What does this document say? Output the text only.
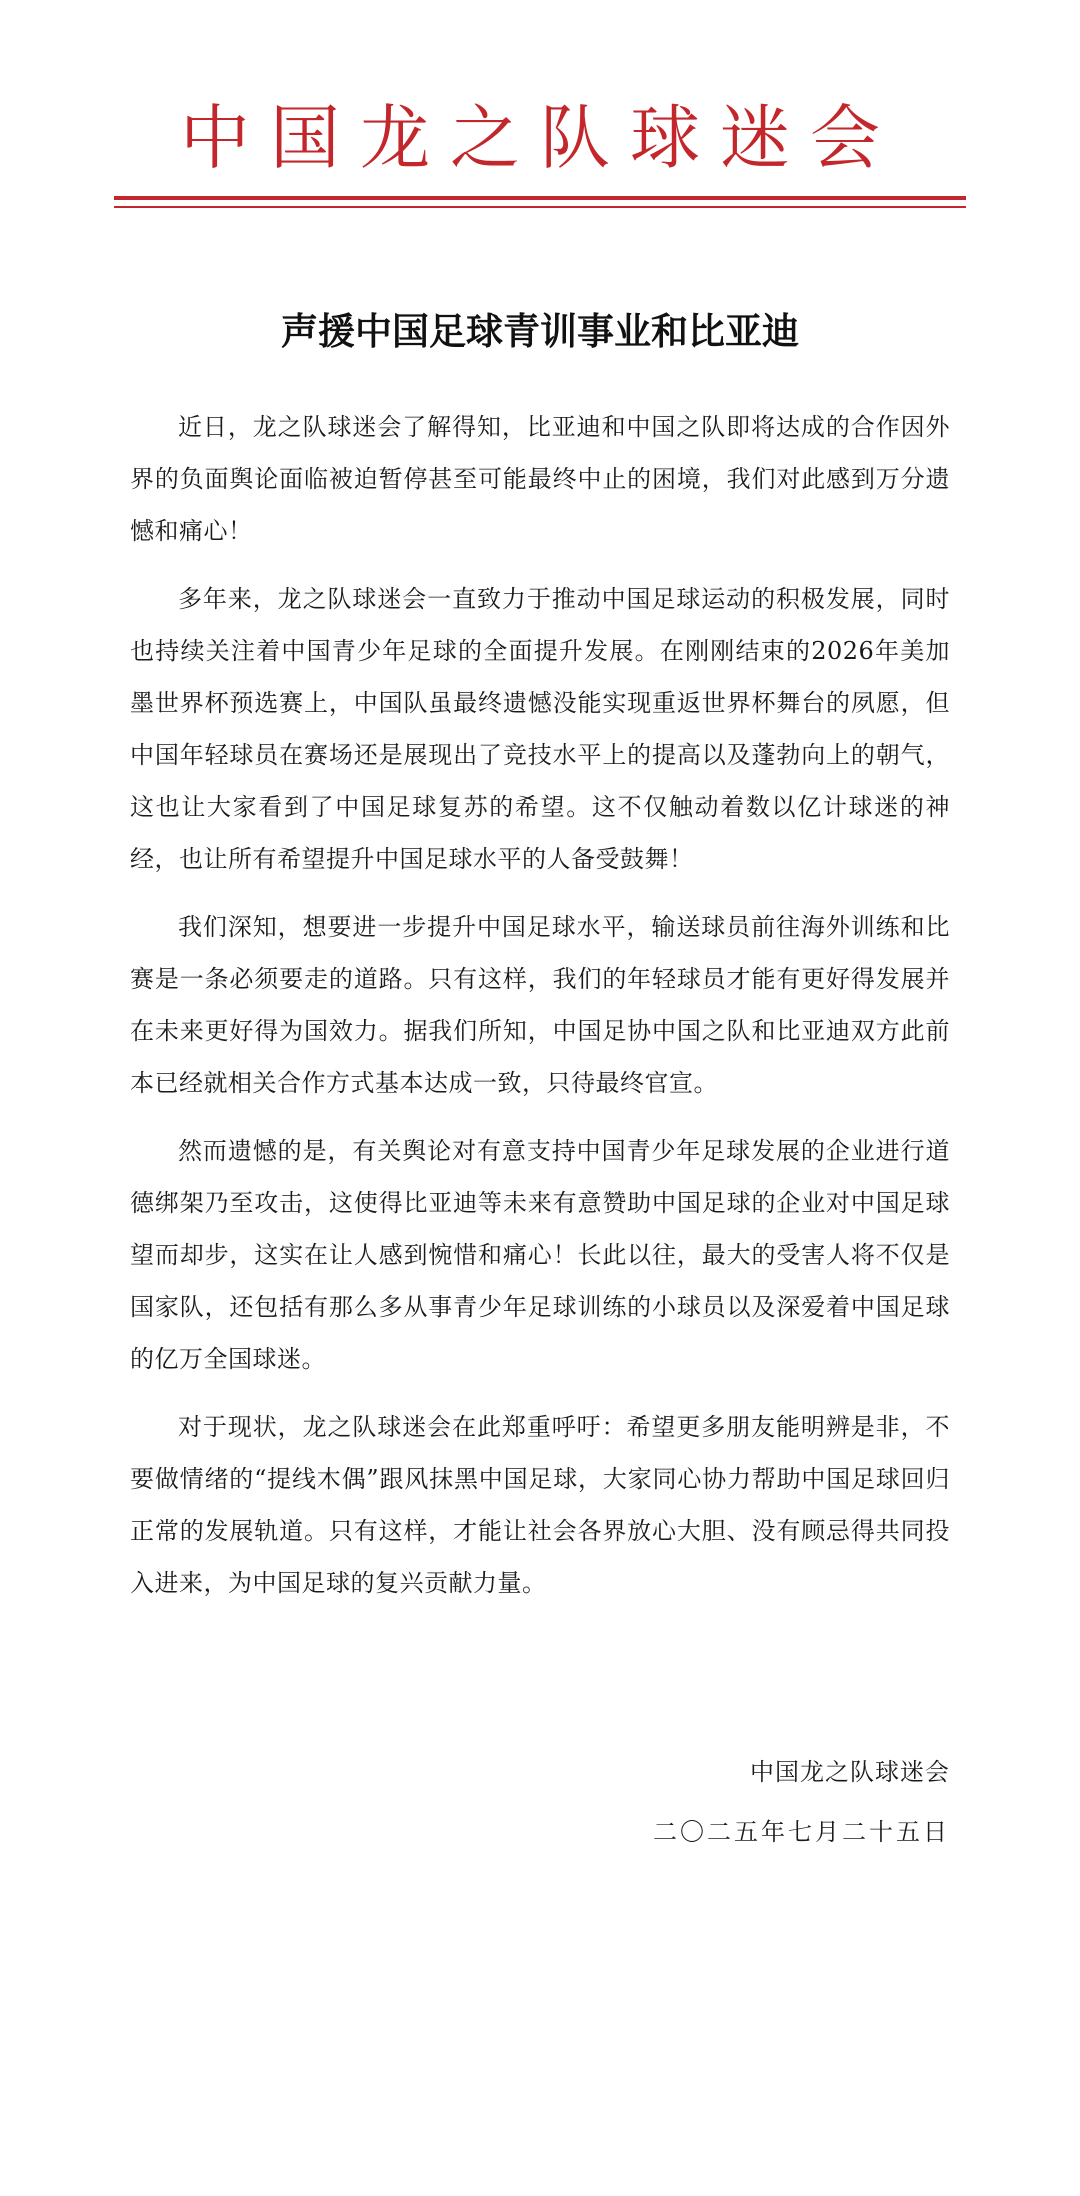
中国龙之队球迷会
声援中国足球青训事业和比亚迪

近日，龙之队球迷会了解得知，比亚迪和中国之队即将达成的合作因外界的负面舆论面临被迫暂停甚至可能最终中止的困境，我们对此感到万分遗憾和痛心！

多年来，龙之队球迷会一直致力于推动中国足球运动的积极发展，同时也持续关注着中国青少年足球的全面提升发展。在刚刚结束的2026年美加墨世界杯预选赛上，中国队虽最终遗憾没能实现重返世界杯舞台的夙愿，但中国年轻球员在赛场还是展现出了竞技水平上的提高以及蓬勃向上的朝气，这也让大家看到了中国足球复苏的希望。这不仅触动着数以亿计球迷的神经，也让所有希望提升中国足球水平的人备受鼓舞！

我们深知，想要进一步提升中国足球水平，输送球员前往海外训练和比赛是一条必须要走的道路。只有这样，我们的年轻球员才能有更好得发展并在未来更好得为国效力。据我们所知，中国足协中国之队和比亚迪双方此前本已经就相关合作方式基本达成一致，只待最终官宣。

然而遗憾的是，有关舆论对有意支持中国青少年足球发展的企业进行道德绑架乃至攻击，这使得比亚迪等未来有意赞助中国足球的企业对中国足球望而却步，这实在让人感到惋惜和痛心！长此以往，最大的受害人将不仅是国家队，还包括有那么多从事青少年足球训练的小球员以及深爱着中国足球的亿万全国球迷。

对于现状，龙之队球迷会在此郑重呼吁：希望更多朋友能明辨是非，不要做情绪的“提线木偶”跟风抹黑中国足球，大家同心协力帮助中国足球回归正常的发展轨道。只有这样，才能让社会各界放心大胆、没有顾忌得共同投入进来，为中国足球的复兴贡献力量。

中国龙之队球迷会
二〇二五年七月二十五日
